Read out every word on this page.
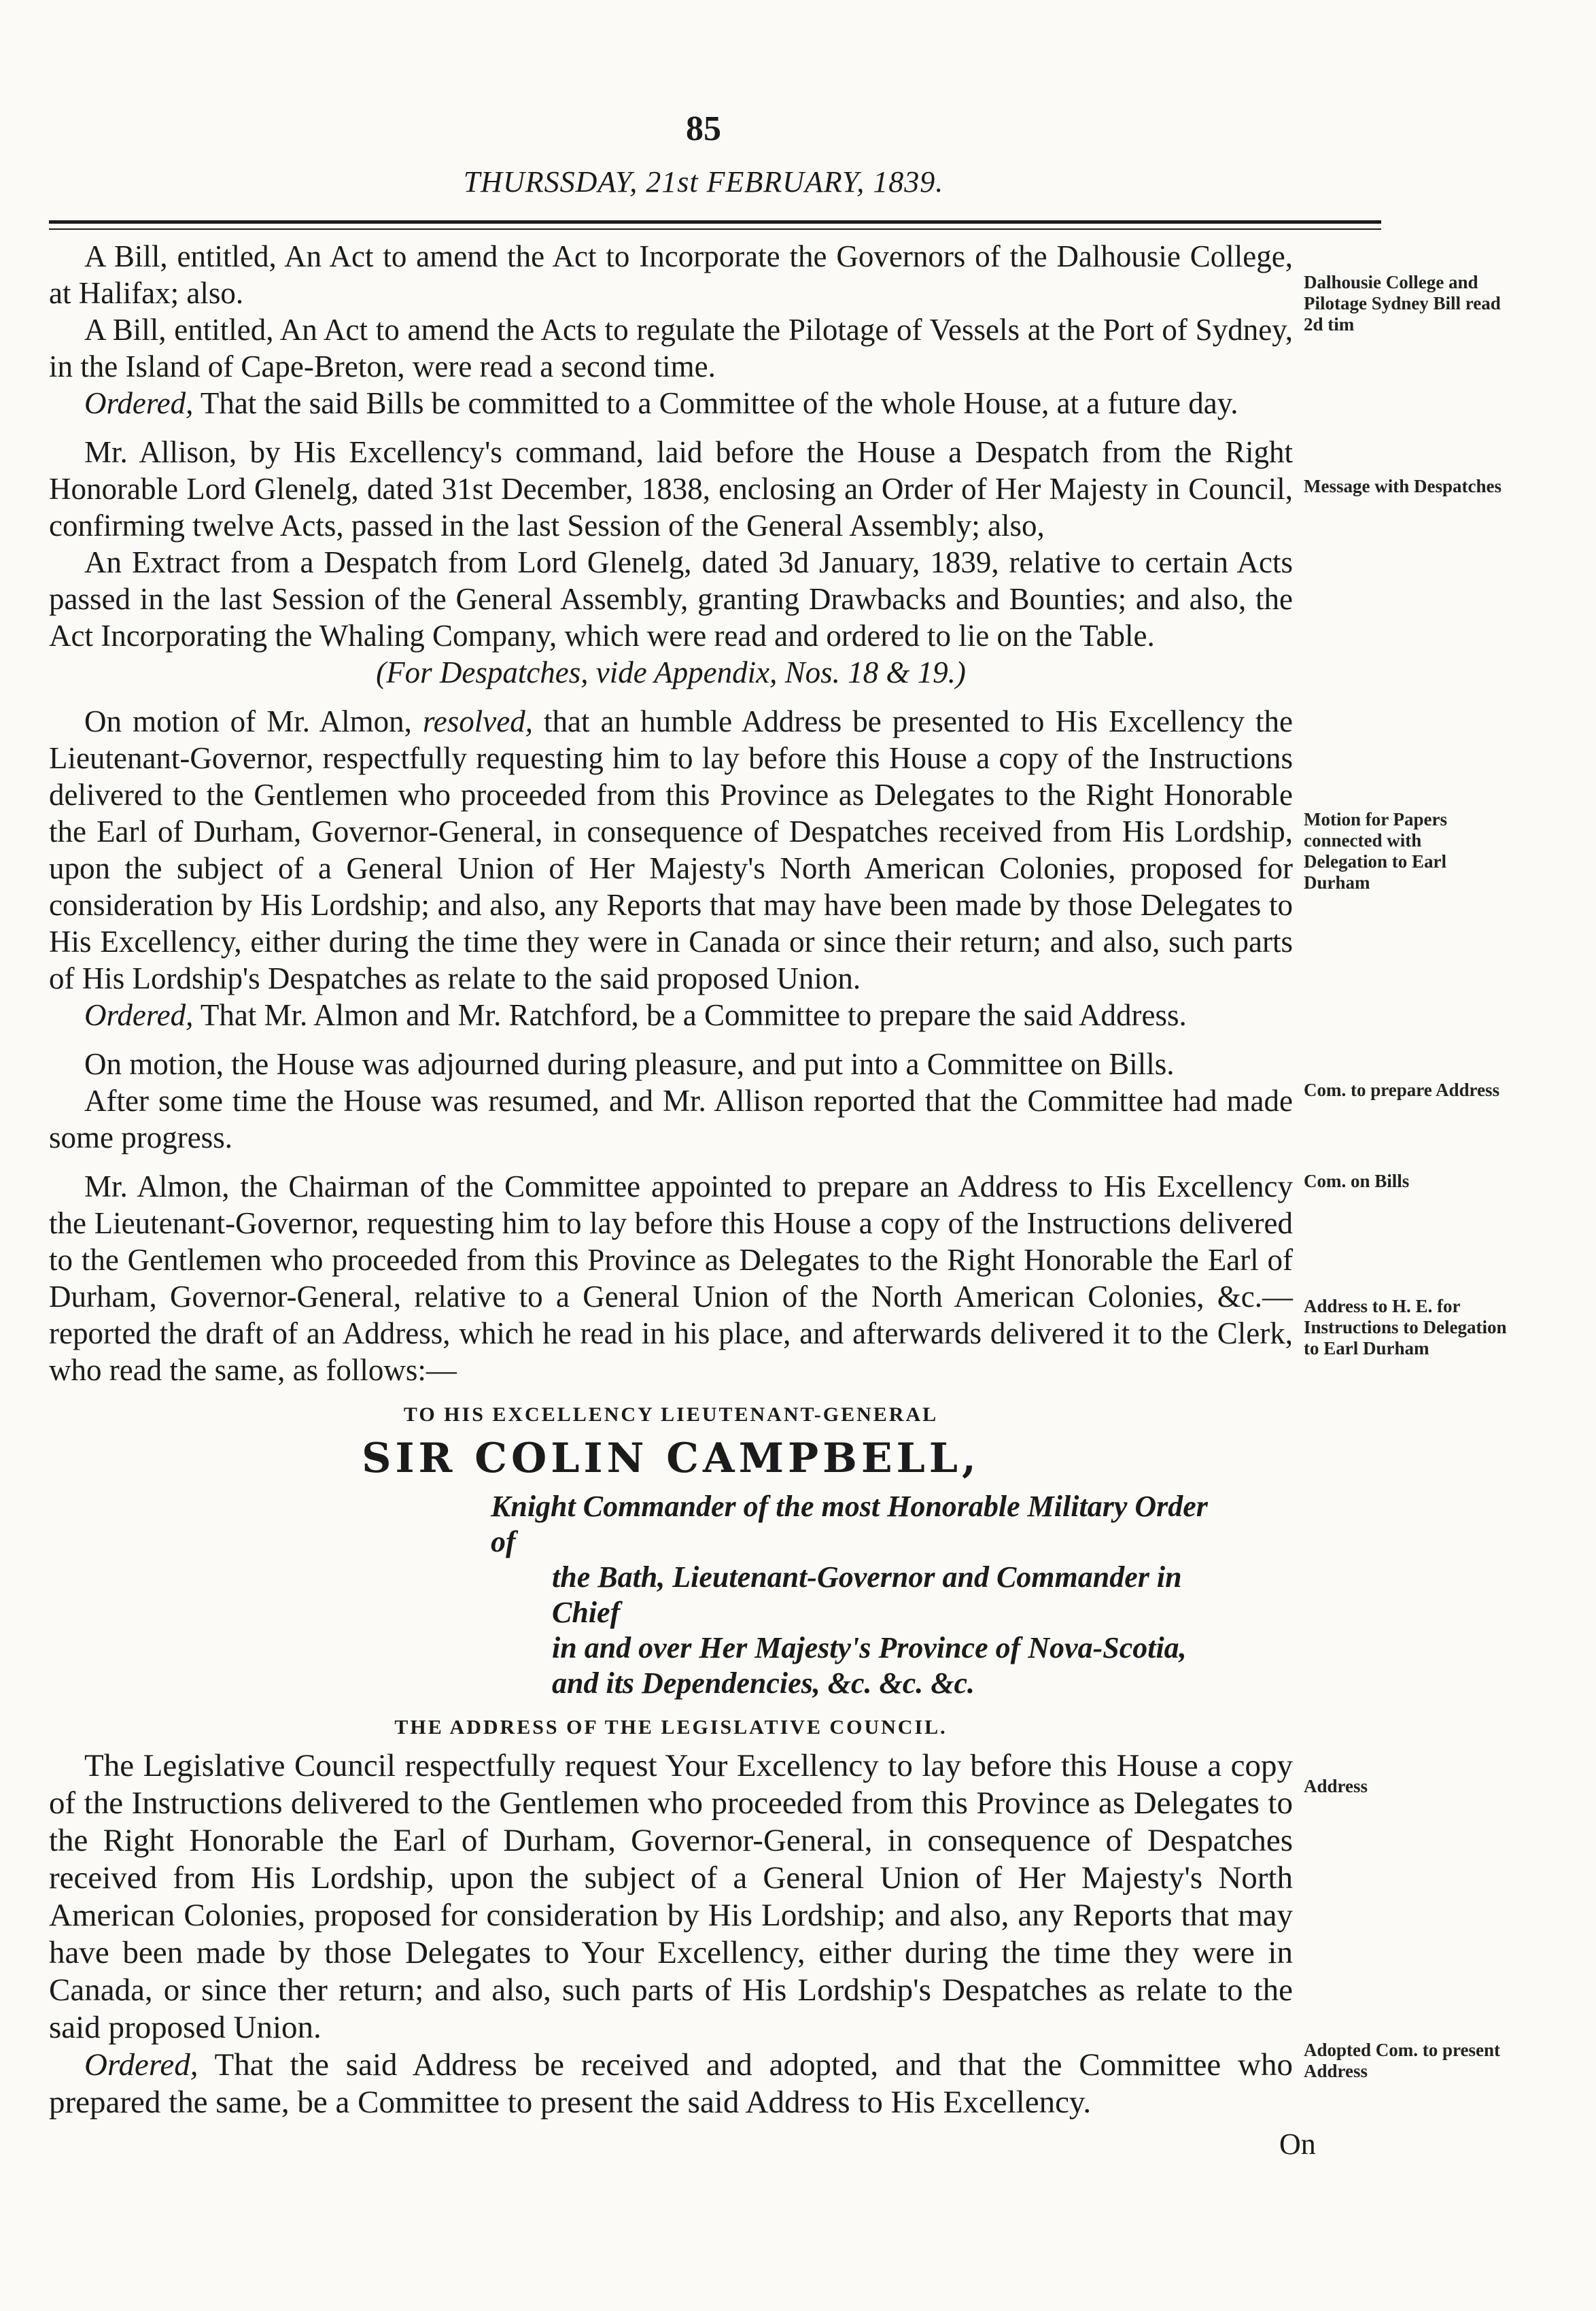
85
THURSSDAY, 21st FEBRUARY, 1839.

A Bill, entitled, An Act to amend the Act to Incorporate the Governors of the Dalhousie College, at Halifax; also.

A Bill, entitled, An Act to amend the Acts to regulate the Pilotage of Vessels at the Port of Sydney, in the Island of Cape-Breton, were read a second time.

Ordered, That the said Bills be committed to a Committee of the whole House, at a future day.

Mr. Allison, by His Excellency's command, laid before the House a Despatch from the Right Honorable Lord Glenelg, dated 31st December, 1838, enclosing an Order of Her Majesty in Council, confirming twelve Acts, passed in the last Session of the General Assembly; also,

An Extract from a Despatch from Lord Glenelg, dated 3d January, 1839, relative to certain Acts passed in the last Session of the General Assembly, granting Drawbacks and Bounties; and also, the Act Incorporating the Whaling Company, which were read and ordered to lie on the Table.

(For Despatches, vide Appendix, Nos. 18 & 19.)

On motion of Mr. Almon, resolved, that an humble Address be presented to His Excellency the Lieutenant-Governor, respectfully requesting him to lay before this House a copy of the Instructions delivered to the Gentlemen who proceeded from this Province as Delegates to the Right Honorable the Earl of Durham, Governor-General, in consequence of Despatches received from His Lordship, upon the subject of a General Union of Her Majesty's North American Colonies, proposed for consideration by His Lordship; and also, any Reports that may have been made by those Delegates to His Excellency, either during the time they were in Canada or since their return; and also, such parts of His Lordship's Despatches as relate to the said proposed Union.

Ordered, That Mr. Almon and Mr. Ratchford, be a Committee to prepare the said Address.

On motion, the House was adjourned during pleasure, and put into a Committee on Bills.

After some time the House was resumed, and Mr. Allison reported that the Committee had made some progress.

Mr. Almon, the Chairman of the Committee appointed to prepare an Address to His Excellency the Lieutenant-Governor, requesting him to lay before this House a copy of the Instructions delivered to the Gentlemen who proceeded from this Province as Delegates to the Right Honorable the Earl of Durham, Governor-General, relative to a General Union of the North American Colonies, &c.—reported the draft of an Address, which he read in his place, and afterwards delivered it to the Clerk, who read the same, as follows:—

TO HIS EXCELLENCY LIEUTENANT-GENERAL
SIR COLIN CAMPBELL,
Knight Commander of the most Honorable Military Order of
the Bath, Lieutenant-Governor and Commander in Chief
in and over Her Majesty's Province of Nova-Scotia,
and its Dependencies, &c. &c. &c.
THE ADDRESS OF THE LEGISLATIVE COUNCIL.

The Legislative Council respectfully request Your Excellency to lay before this House a copy of the Instructions delivered to the Gentlemen who proceeded from this Province as Delegates to the Right Honorable the Earl of Durham, Governor-General, in consequence of Despatches received from His Lordship, upon the subject of a General Union of Her Majesty's North American Colonies, proposed for consideration by His Lordship; and also, any Reports that may have been made by those Delegates to Your Excellency, either during the time they were in Canada, or since ther return; and also, such parts of His Lordship's Despatches as relate to the said proposed Union.

Ordered, That the said Address be received and adopted, and that the Committee who prepared the same, be a Committee to present the said Address to His Excellency.

Dalhousie College and Pilotage Sydney Bill read 2d tim
Message with Despatches
Motion for Papers connected with Delegation to Earl Durham
Com. to prepare Address
Com. on Bills
Address to H. E. for Instructions to Delegation to Earl Durham
Address
Adopted Com. to present Address
On
